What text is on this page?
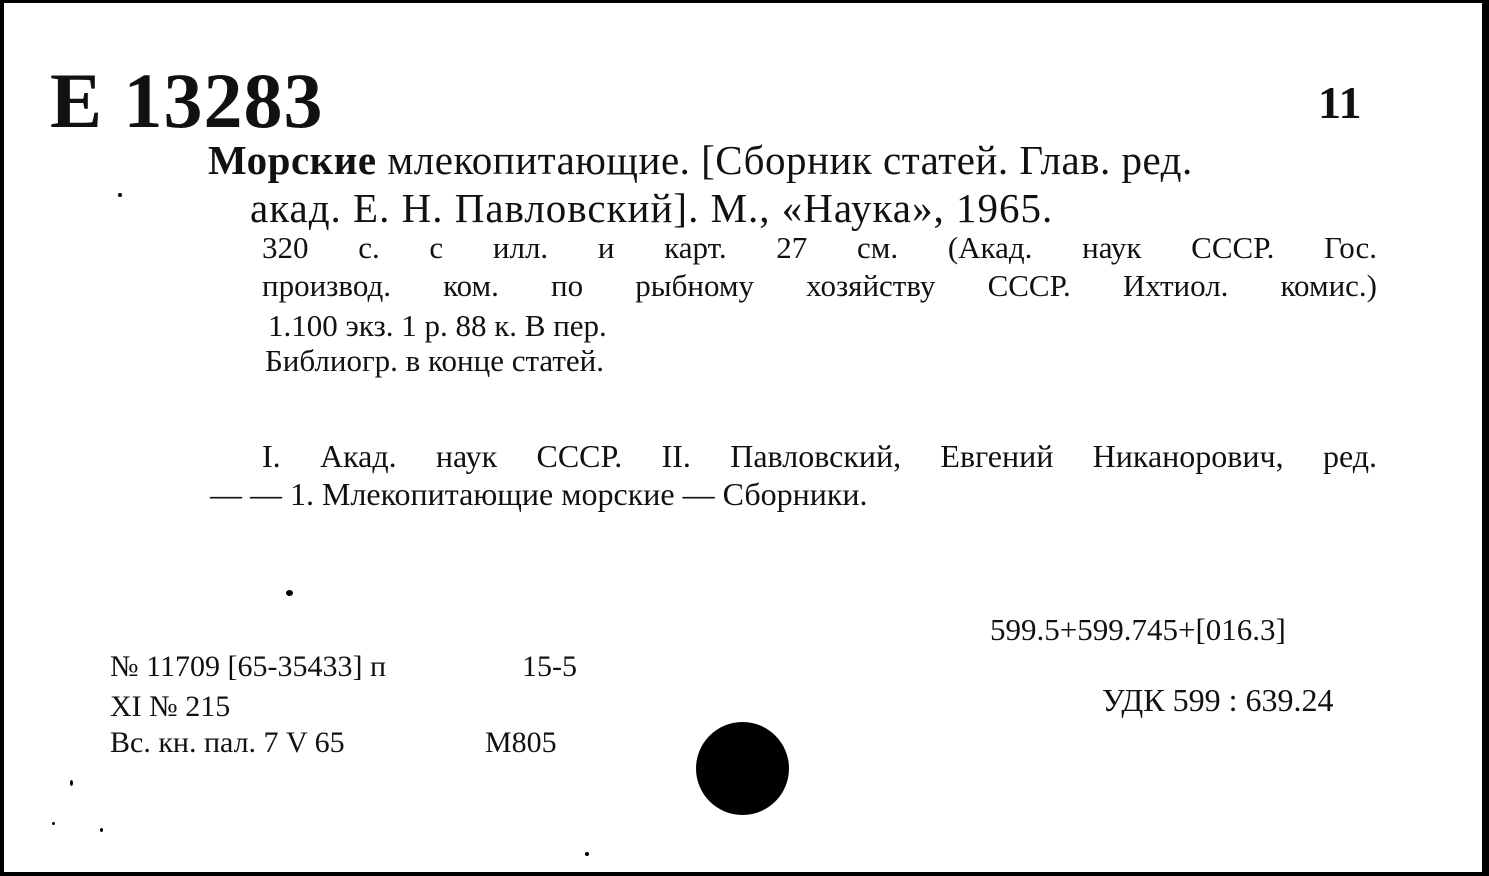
Е 13283	11
Морские млекопитающие. [Сборник статей. Глав. ред.
акад. Е. Н. Павловский]. М., «Наука», 1965.
320 с. с илл. и карт. 27 см. (Акад. наук СССР. Гос.
производ. ком. по рыбному хозяйству СССР. Ихтиол. комис.)
1.100 экз. 1 р. 88 к. В пер.
Библиогр. в конце статей.
I. Акад. наук СССР. II. Павловский, Евгений Никанорович, ред.
— — 1. Млекопитающие морские — Сборники.
599.5+599.745+[016.3]
УДК 599 : 639.24
№ 11709 [65-35433] п	15-5
XI № 215
Вс. кн. пал. 7 V 65	М805
